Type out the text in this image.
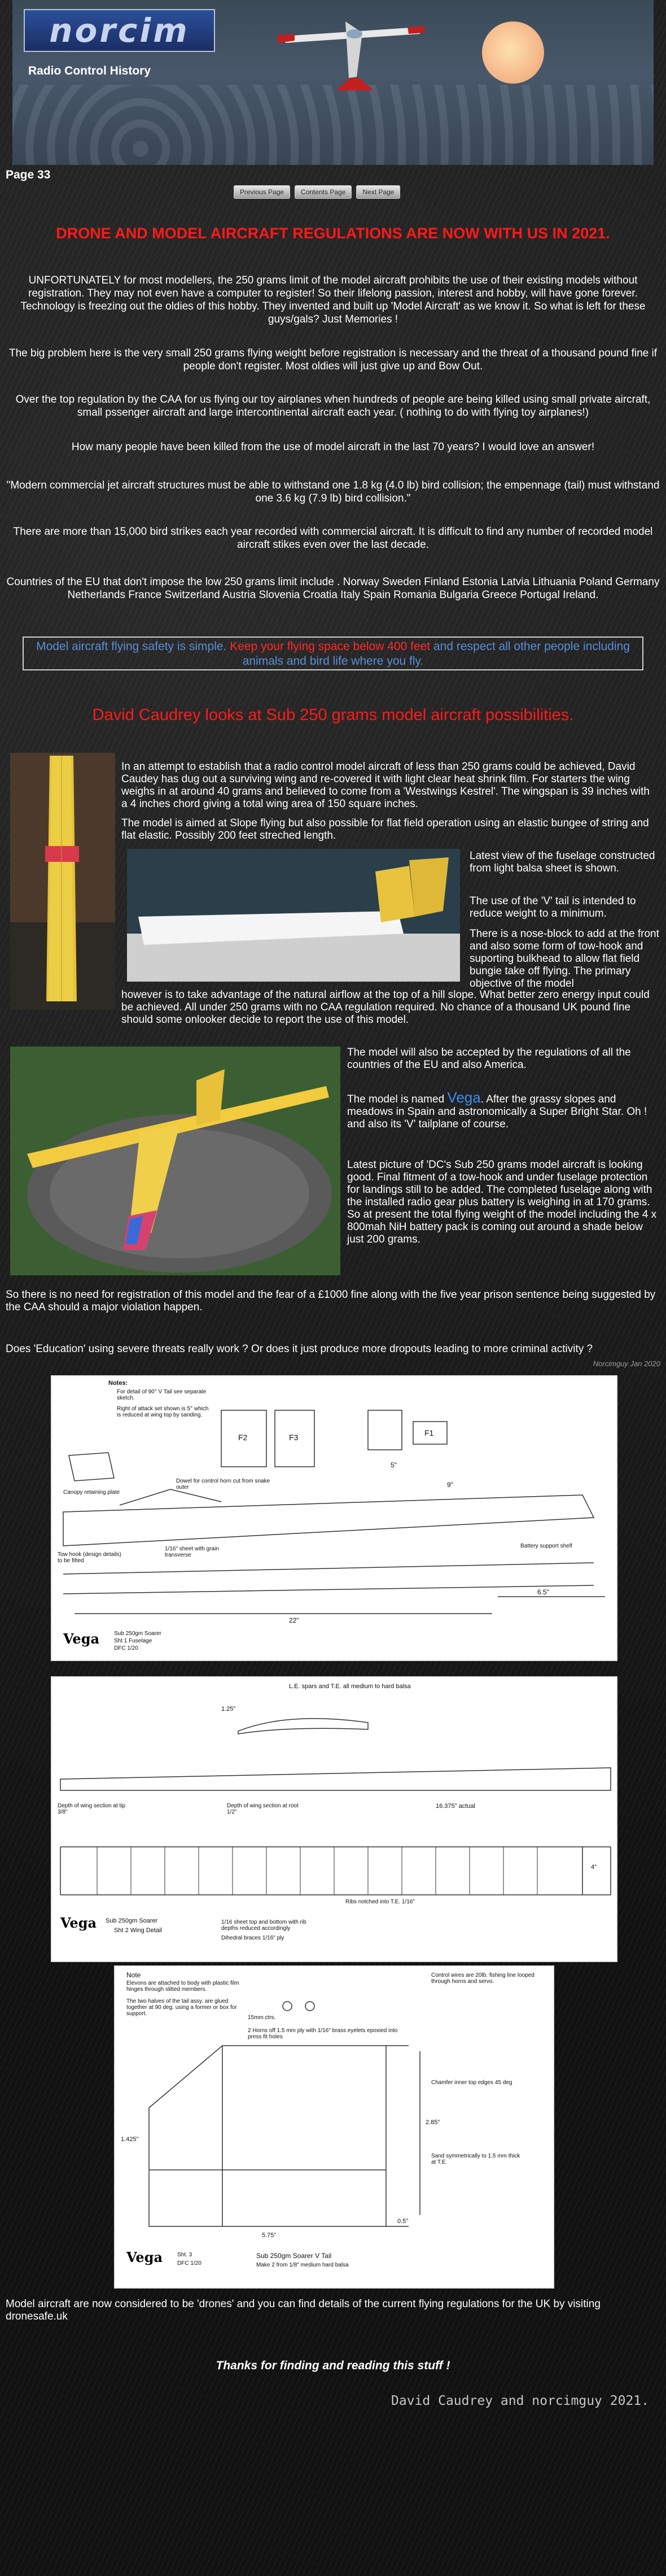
norcim
Radio Control History
Page 33
Previous Page	Contents Page	Next Page
DRONE AND MODEL AIRCRAFT REGULATIONS ARE NOW WITH US IN 2021.
UNFORTUNATELY for most modellers, the 250 grams limit of the model aircraft prohibits the use of their existing models without registration. They may not even have a computer to register! So their lifelong passion, interest and hobby, will have gone forever. Technology is freezing out the oldies of this hobby. They invented and built up 'Model Aircraft' as we know it. So what is left for these guys/gals? Just Memories !
The big problem here is the very small 250 grams flying weight before registration is necessary and the threat of a thousand pound fine if people don't register. Most oldies will just give up and Bow Out.
Over the top regulation by the CAA for us flying our toy airplanes when hundreds of people are being killed using small private aircraft, small pssenger aircraft and large intercontinental aircraft each year. ( nothing to do with flying toy airplanes!)
How many people have been killed from the use of model aircraft in the last 70 years? I would love an answer!
"Modern commercial jet aircraft structures must be able to withstand one 1.8 kg (4.0 lb) bird collision; the empennage (tail) must withstand one 3.6 kg (7.9 lb) bird collision."
There are more than 15,000 bird strikes each year recorded with commercial aircraft. It is difficult to find any number of recorded model aircraft stikes even over the last decade.
Countries of the EU that don't impose the low 250 grams limit include . Norway Sweden Finland Estonia Latvia Lithuania Poland Germany Netherlands France Switzerland Austria Slovenia Croatia Italy Spain Romania Bulgaria Greece Portugal Ireland.
Model aircraft flying safety is simple. Keep your flying space below 400 feet and respect all other people including animals and bird life where you fly.
David Caudrey looks at Sub 250 grams model aircraft possibilities.
In an attempt to establish that a radio control model aircraft of less than 250 grams could be achieved, David Caudey has dug out a surviving wing and re-covered it with light clear heat shrink film. For starters the wing weighs in at around 40 grams and believed to come from a 'Westwings Kestrel'. The wingspan is 39 inches with a 4 inches chord giving a total wing area of 150 square inches.
The model is aimed at Slope flying but also possible for flat field operation using an elastic bungee of string and flat elastic. Possibly 200 feet streched length.
Latest view of the fuselage constructed from light balsa sheet is shown.
The use of the 'V' tail is intended to reduce weight to a minimum.
There is a nose-block to add at the front and also some form of tow-hook and suporting bulkhead to allow flat field bungie take off flying. The primary objective of the model
however is to take advantage of the natural airflow at the top of a hill slope. What better zero energy input could be achieved. All under 250 grams with no CAA regulation required. No chance of a thousand UK pound fine should some onlooker decide to report the use of this model.
The model will also be accepted by the regulations of all the countries of the EU and also America.
The model is named Vega. After the grassy slopes and meadows in Spain and astronomically a Super Bright Star. Oh ! and also its 'V' tailplane of course.
Latest picture of 'DC's Sub 250 grams model aircraft is looking good. Final fitment of a tow-hook and under fuselage protection for landings still to be added. The completed fuselage along with the installed radio gear plus battery is weighing in at 170 grams. So at present the total flying weight of the model including the 4 x 800mah NiH battery pack is coming out around a shade below just 200 grams.
So there is no need for registration of this model and the fear of a £1000 fine along with the five year prison sentence being suggested by the CAA should a major violation happen.
Does 'Education' using severe threats really work ? Or does it just produce more dropouts leading to more criminal activity ?
Norcimguy Jan 2020
Notes:
For detail of 90° V Tail see separate sketch.
Right of attack set shown is 5° which is reduced at wing top by sanding.
F2	F3	F1
9"
5"
6.5"
22"
Canopy retaining plate
Tow hook (design details) to be fitted
Dowel for control horn cut from snake outer
1/16" sheet with grain transverse
Battery support shelf
Vega	Sub 250gm Soarer
Sht 1 Fuselage
DFC 1/20
L.E. spars and T.E. all medium to hard balsa
1.25"
16.375" actual
Depth of wing section at tip 3/8"
Depth of wing section at root 1/2"
4"
Ribs notched into T.E. 1/16"
1/16 sheet top and bottom with rib depths reduced accordingly
Dihedral braces 1/16" ply
Vega Sub 250gm Soarer
Sht 2 Wing Detail
Note
Elevons are attached to body with plastic film hinges through slitted members.
The two halves of the tail assy. are glued together at 90 deg. using a former or box for support.
15mm ctrs.
2 Horns off 1.5 mm ply with 1/16" brass eyelets epoxied into press fit holes
Control wires are 20lb. fishing line looped through horns and servo.
Chamfer inner top edges 45 deg
Sand symmetrically to 1.5 mm thick at T.E.
2.85"
1.425"
5.75"
0.5"
Vega	Sht. 3
DFC 1/20
Sub 250gm Soarer V Tail
Make 2 from 1/8" medium hard balsa
Model aircraft are now considered to be 'drones' and you can find details of the current flying regulations for the UK by visiting dronesafe.uk
Thanks for finding and reading this stuff !
David Caudrey and norcimguy 2021.
